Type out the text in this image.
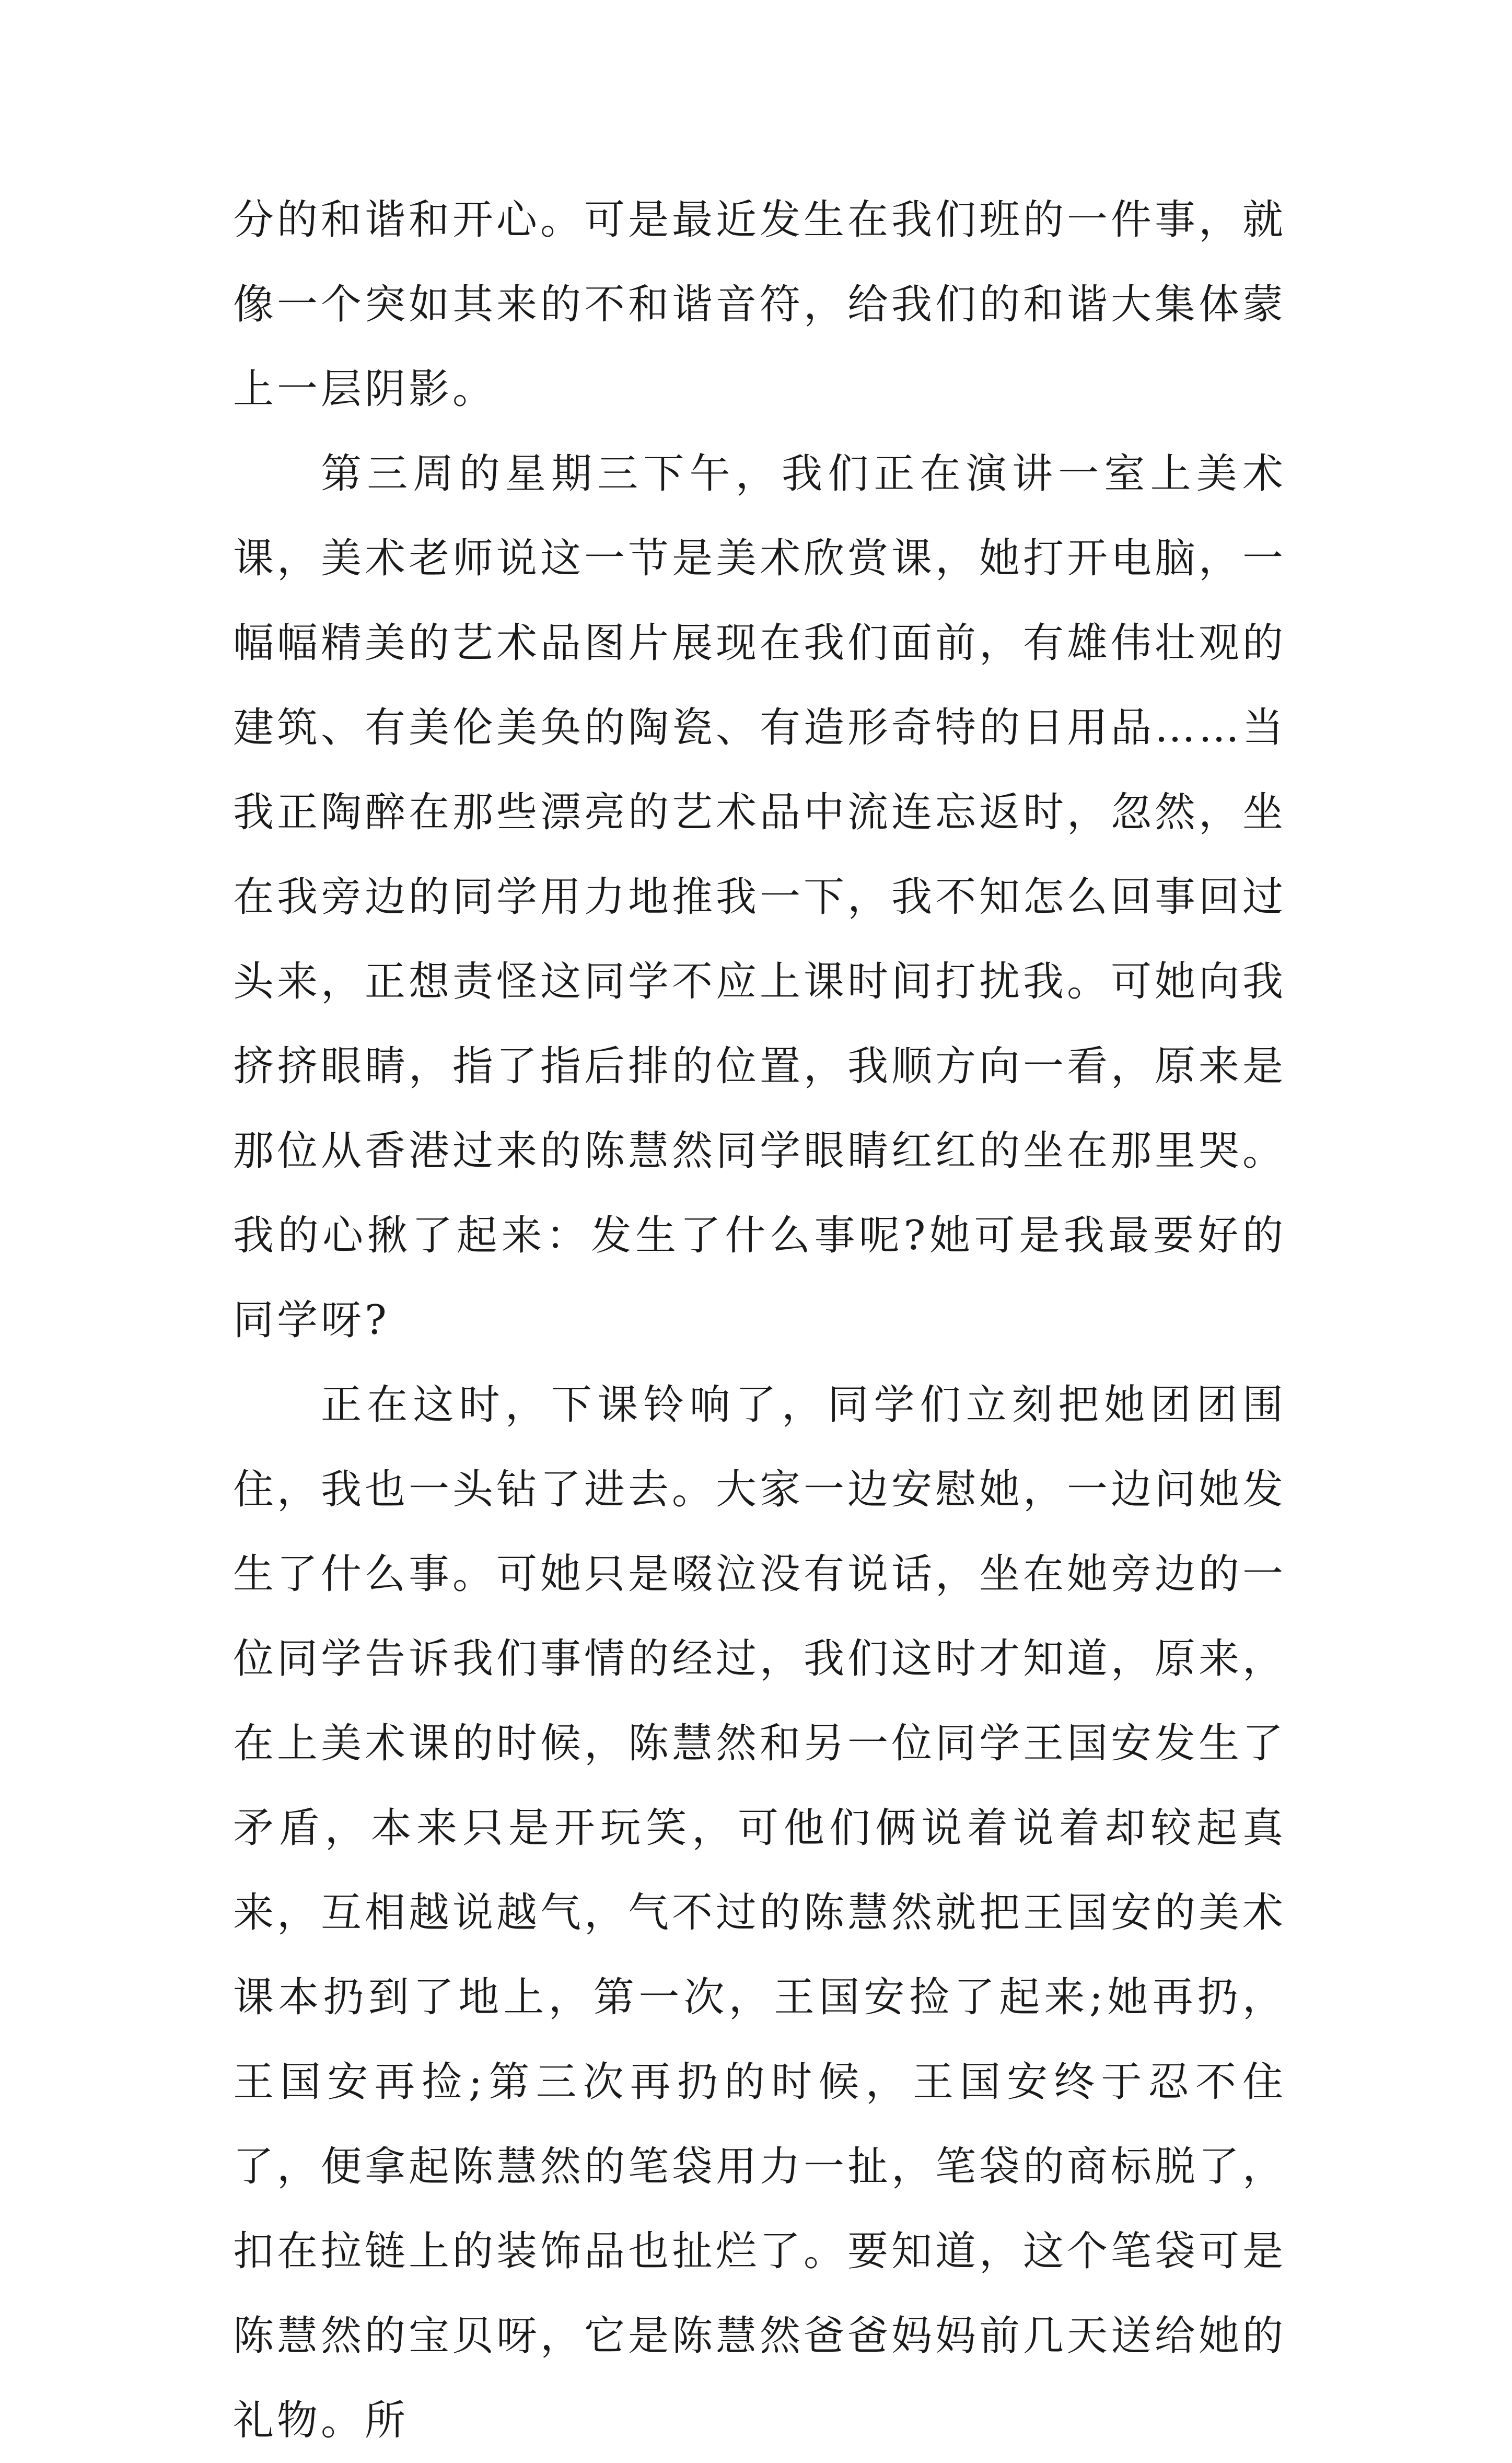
分的和谐和开心。可是最近发生在我们班的一件事，就像一个突如其来的不和谐音符，给我们的和谐大集体蒙上一层阴影。

第三周的星期三下午，我们正在演讲一室上美术课，美术老师说这一节是美术欣赏课，她打开电脑，一幅幅精美的艺术品图片展现在我们面前，有雄伟壮观的建筑、有美伦美奂的陶瓷、有造形奇特的日用品……当我正陶醉在那些漂亮的艺术品中流连忘返时，忽然，坐在我旁边的同学用力地推我一下，我不知怎么回事回过头来，正想责怪这同学不应上课时间打扰我。可她向我挤挤眼睛，指了指后排的位置，我顺方向一看，原来是那位从香港过来的陈慧然同学眼睛红红的坐在那里哭。我的心揪了起来：发生了什么事呢?她可是我最要好的同学呀?

正在这时，下课铃响了，同学们立刻把她团团围住，我也一头钻了进去。大家一边安慰她，一边问她发生了什么事。可她只是啜泣没有说话，坐在她旁边的一位同学告诉我们事情的经过，我们这时才知道，原来，在上美术课的时候，陈慧然和另一位同学王国安发生了矛盾，本来只是开玩笑，可他们俩说着说着却较起真来，互相越说越气，气不过的陈慧然就把王国安的美术课本扔到了地上，第一次，王国安捡了起来;她再扔，王国安再捡;第三次再扔的时候，王国安终于忍不住了，便拿起陈慧然的笔袋用力一扯，笔袋的商标脱了，扣在拉链上的装饰品也扯烂了。要知道，这个笔袋可是陈慧然的宝贝呀，它是陈慧然爸爸妈妈前几天送给她的礼物。所
